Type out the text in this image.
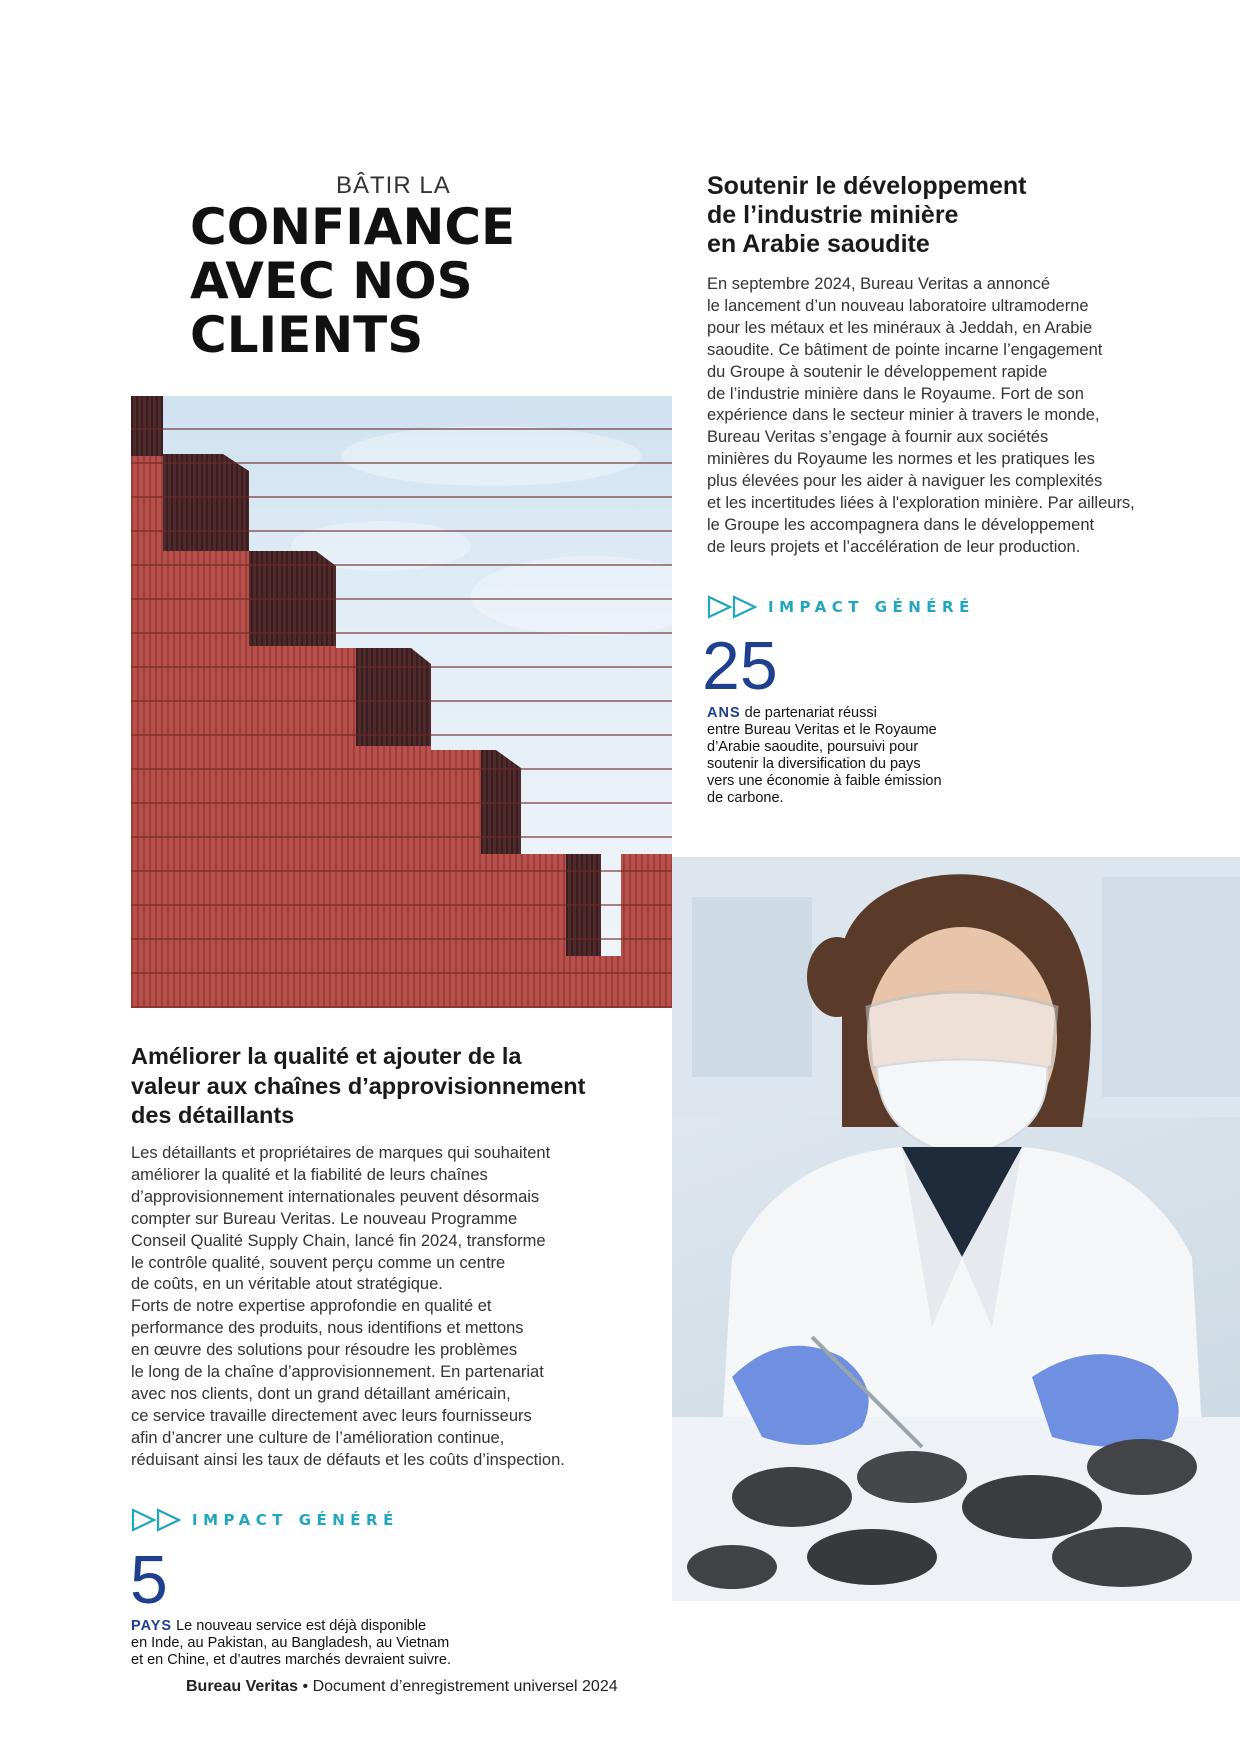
BÂTIR LA
CONFIANCE
AVEC NOS
CLIENTS
Soutenir le développement
de l’industrie minière
en Arabie saoudite
En septembre 2024, Bureau Veritas a annoncé
le lancement d’un nouveau laboratoire ultramoderne
pour les métaux et les minéraux à Jeddah, en Arabie
saoudite. Ce bâtiment de pointe incarne l’engagement
du Groupe à soutenir le développement rapide
de l’industrie minière dans le Royaume. Fort de son
expérience dans le secteur minier à travers le monde,
Bureau Veritas s’engage à fournir aux sociétés
minières du Royaume les normes et les pratiques les
plus élevées pour les aider à naviguer les complexités
et les incertitudes liées à l'exploration minière. Par ailleurs,
le Groupe les accompagnera dans le développement
de leurs projets et l’accélération de leur production.
IMPACT GÉNÉRÉ
25
ANS de partenariat réussi
entre Bureau Veritas et le Royaume
d’Arabie saoudite, poursuivi pour
soutenir la diversification du pays
vers une économie à faible émission
de carbone.
Améliorer la qualité et ajouter de la
valeur aux chaînes d’approvisionnement
des détaillants
Les détaillants et propriétaires de marques qui souhaitent
améliorer la qualité et la fiabilité de leurs chaînes
d’approvisionnement internationales peuvent désormais
compter sur Bureau Veritas. Le nouveau Programme
Conseil Qualité Supply Chain, lancé fin 2024, transforme
le contrôle qualité, souvent perçu comme un centre
de coûts, en un véritable atout stratégique.
Forts de notre expertise approfondie en qualité et
performance des produits, nous identifions et mettons
en œuvre des solutions pour résoudre les problèmes
le long de la chaîne d’approvisionnement. En partenariat
avec nos clients, dont un grand détaillant américain,
ce service travaille directement avec leurs fournisseurs
afin d’ancrer une culture de l’amélioration continue,
réduisant ainsi les taux de défauts et les coûts d’inspection.
IMPACT GÉNÉRÉ
5
PAYS Le nouveau service est déjà disponible
en Inde, au Pakistan, au Bangladesh, au Vietnam
et en Chine, et d’autres marchés devraient suivre.
Bureau Veritas • Document d’enregistrement universel 2024
